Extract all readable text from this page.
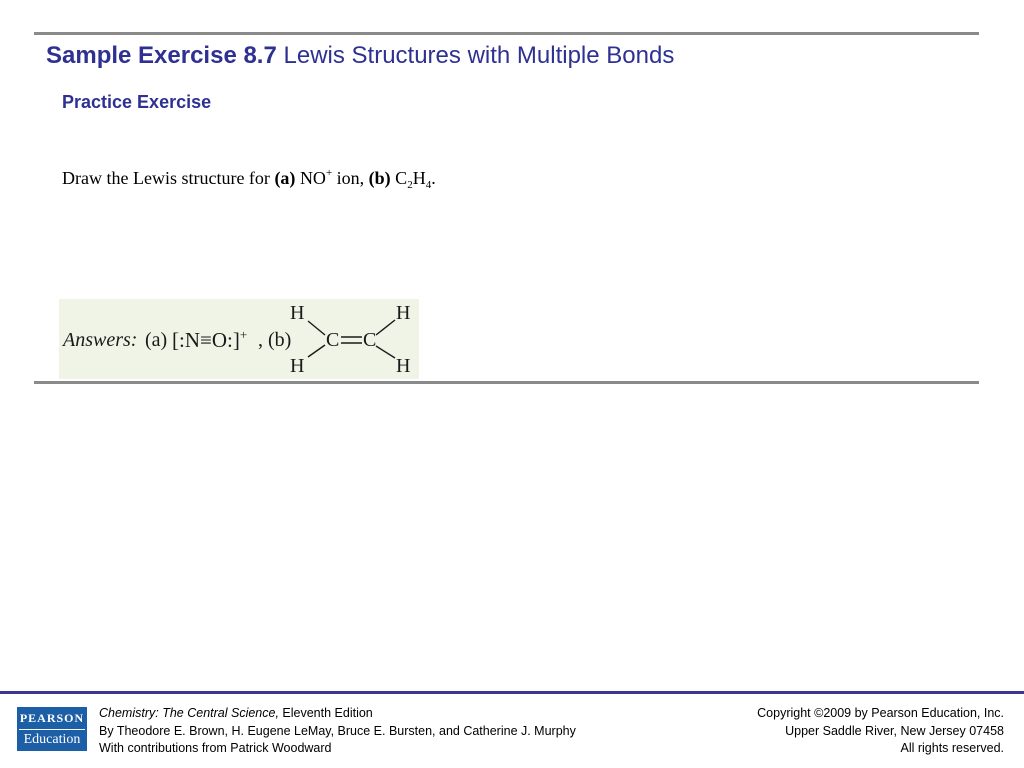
Sample Exercise 8.7 Lewis Structures with Multiple Bonds
Practice Exercise
Draw the Lewis structure for (a) NO+ ion, (b) $C_2H_4$.
Answers: (a) [:N≡O:]+ , (b)
H	H
C C
H	H
PEARSON
Education
Chemistry: The Central Science, Eleventh Edition
By Theodore E. Brown, H. Eugene LeMay, Bruce E. Bursten, and Catherine J. Murphy
With contributions from Patrick Woodward
Copyright ©2009 by Pearson Education, Inc.
Upper Saddle River, New Jersey 07458
All rights reserved.
